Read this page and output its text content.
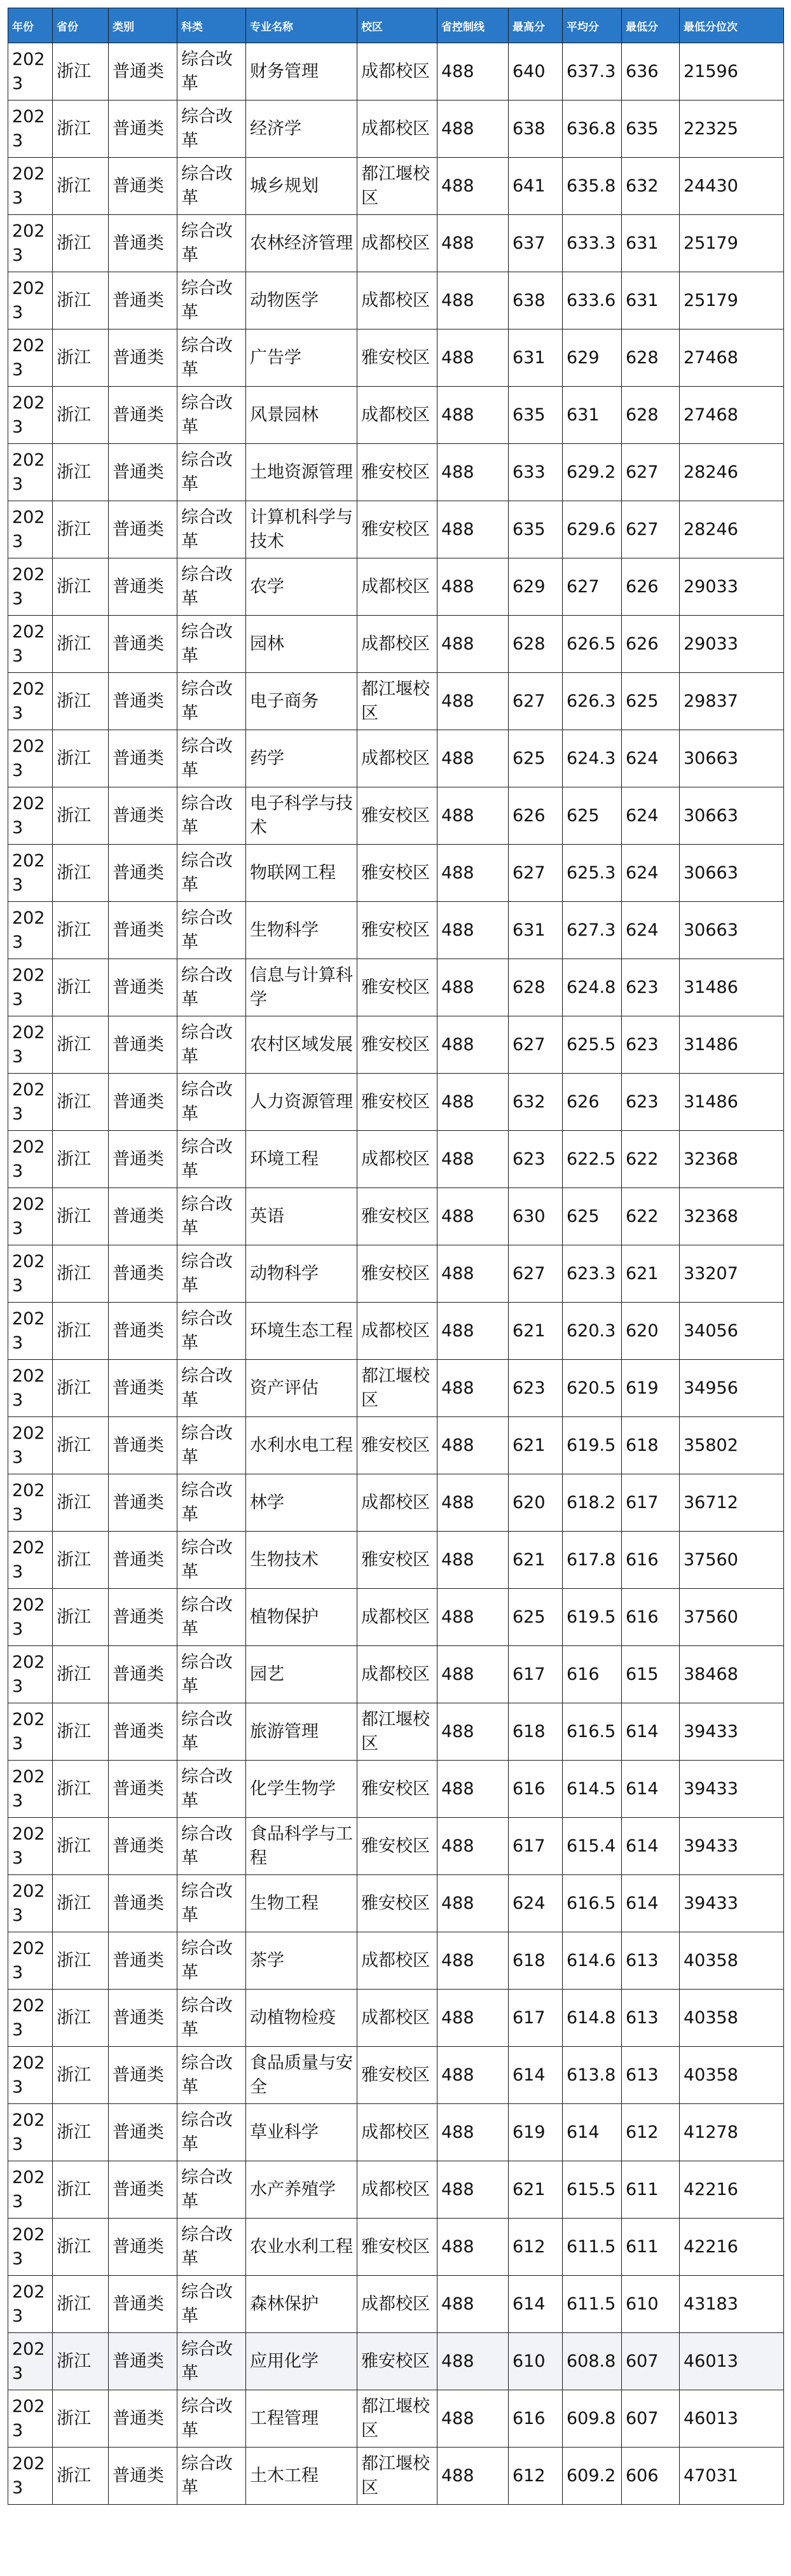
年份	省份	类别	科类	专业名称	校区	省控制线	最高分	平均分	最低分	最低分位次
2023	浙江	普通类	综合改革	财务管理	成都校区	488	640	637.3	636	21596
2023	浙江	普通类	综合改革	经济学	成都校区	488	638	636.8	635	22325
2023	浙江	普通类	综合改革	城乡规划	都江堰校区	488	641	635.8	632	24430
2023	浙江	普通类	综合改革	农林经济管理	成都校区	488	637	633.3	631	25179
2023	浙江	普通类	综合改革	动物医学	成都校区	488	638	633.6	631	25179
2023	浙江	普通类	综合改革	广告学	雅安校区	488	631	629	628	27468
2023	浙江	普通类	综合改革	风景园林	成都校区	488	635	631	628	27468
2023	浙江	普通类	综合改革	土地资源管理	雅安校区	488	633	629.2	627	28246
2023	浙江	普通类	综合改革	计算机科学与技术	雅安校区	488	635	629.6	627	28246
2023	浙江	普通类	综合改革	农学	成都校区	488	629	627	626	29033
2023	浙江	普通类	综合改革	园林	成都校区	488	628	626.5	626	29033
2023	浙江	普通类	综合改革	电子商务	都江堰校区	488	627	626.3	625	29837
2023	浙江	普通类	综合改革	药学	成都校区	488	625	624.3	624	30663
2023	浙江	普通类	综合改革	电子科学与技术	雅安校区	488	626	625	624	30663
2023	浙江	普通类	综合改革	物联网工程	雅安校区	488	627	625.3	624	30663
2023	浙江	普通类	综合改革	生物科学	雅安校区	488	631	627.3	624	30663
2023	浙江	普通类	综合改革	信息与计算科学	雅安校区	488	628	624.8	623	31486
2023	浙江	普通类	综合改革	农村区域发展	雅安校区	488	627	625.5	623	31486
2023	浙江	普通类	综合改革	人力资源管理	雅安校区	488	632	626	623	31486
2023	浙江	普通类	综合改革	环境工程	成都校区	488	623	622.5	622	32368
2023	浙江	普通类	综合改革	英语	雅安校区	488	630	625	622	32368
2023	浙江	普通类	综合改革	动物科学	雅安校区	488	627	623.3	621	33207
2023	浙江	普通类	综合改革	环境生态工程	成都校区	488	621	620.3	620	34056
2023	浙江	普通类	综合改革	资产评估	都江堰校区	488	623	620.5	619	34956
2023	浙江	普通类	综合改革	水利水电工程	雅安校区	488	621	619.5	618	35802
2023	浙江	普通类	综合改革	林学	成都校区	488	620	618.2	617	36712
2023	浙江	普通类	综合改革	生物技术	雅安校区	488	621	617.8	616	37560
2023	浙江	普通类	综合改革	植物保护	成都校区	488	625	619.5	616	37560
2023	浙江	普通类	综合改革	园艺	成都校区	488	617	616	615	38468
2023	浙江	普通类	综合改革	旅游管理	都江堰校区	488	618	616.5	614	39433
2023	浙江	普通类	综合改革	化学生物学	雅安校区	488	616	614.5	614	39433
2023	浙江	普通类	综合改革	食品科学与工程	雅安校区	488	617	615.4	614	39433
2023	浙江	普通类	综合改革	生物工程	雅安校区	488	624	616.5	614	39433
2023	浙江	普通类	综合改革	茶学	成都校区	488	618	614.6	613	40358
2023	浙江	普通类	综合改革	动植物检疫	成都校区	488	617	614.8	613	40358
2023	浙江	普通类	综合改革	食品质量与安全	雅安校区	488	614	613.8	613	40358
2023	浙江	普通类	综合改革	草业科学	成都校区	488	619	614	612	41278
2023	浙江	普通类	综合改革	水产养殖学	成都校区	488	621	615.5	611	42216
2023	浙江	普通类	综合改革	农业水利工程	雅安校区	488	612	611.5	611	42216
2023	浙江	普通类	综合改革	森林保护	成都校区	488	614	611.5	610	43183
2023	浙江	普通类	综合改革	应用化学	雅安校区	488	610	608.8	607	46013
2023	浙江	普通类	综合改革	工程管理	都江堰校区	488	616	609.8	607	46013
2023	浙江	普通类	综合改革	土木工程	都江堰校区	488	612	609.2	606	47031
